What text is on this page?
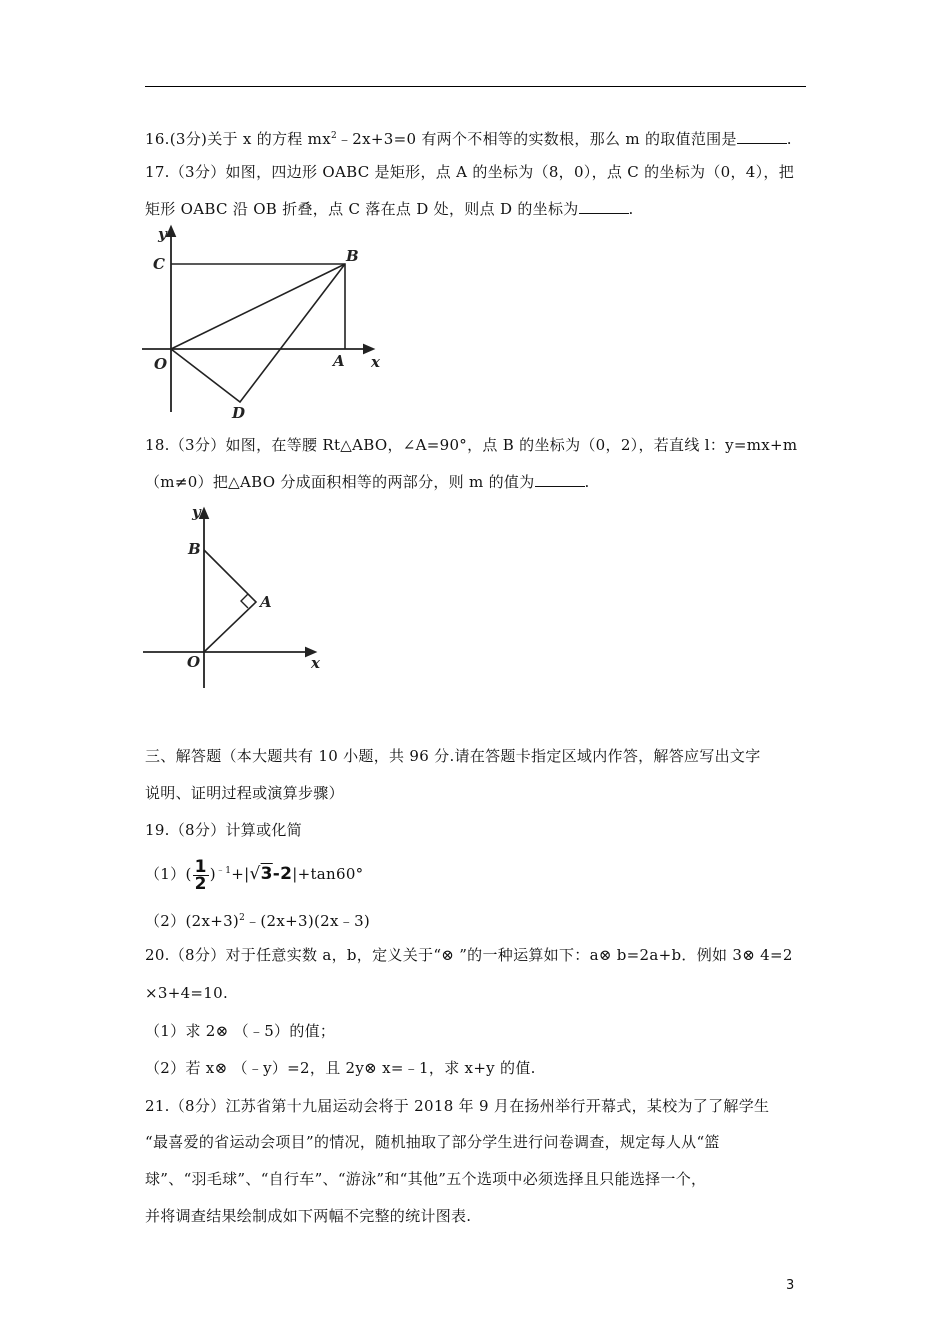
16.(3分)关于 x 的方程 $mx^2﹣2x+3=0$ 有两个不相等的实数根，那么 m 的取值范围是	.
17.（3分）如图，四边形 OABC 是矩形，点 A 的坐标为（8，0），点 C 的坐标为（0，4），把
矩形 OABC 沿 OB 折叠，点 C 落在点 D 处，则点 D 的坐标为	.
y
C	B
O	A x
D
18.（3分）如图，在等腰 Rt△ABO，∠A=90°，点 B 的坐标为（0，2），若直线 l：y=mx+m
（m≠0）把△ABO 分成面积相等的两部分，则 m 的值为	.
y
B
A
O	x
三、解答题（本大题共有 10 小题，共 96 分.请在答题卡指定区域内作答，解答应写出文字
说明、证明过程或演算步骤）
19.（8分）计算或化简
$(1)( \frac{1}{2} )^{﹣1}+|√3-2|+\tan 60^\circ$
$(2)(2x+3)^2﹣(2x+3)(2x﹣3)$
20.（8分）对于任意实数 a，b，定义关于“⊗ ”的一种运算如下：a⊗ b=2a+b．例如 3⊗ 4=2
×3+4=10.
（1）求 2⊗ （﹣5）的值；
（2）若 x⊗ （﹣y）=2，且 2y⊗ x=﹣1，求 x+y 的值.
21.（8分）江苏省第十九届运动会将于 2018 年 9 月在扬州举行开幕式，某校为了了解学生
“最喜爱的省运动会项目”的情况，随机抽取了部分学生进行问卷调查，规定每人从“篮
球”、“羽毛球”、“自行车”、“游泳”和“其他”五个选项中必须选择且只能选择一个，
并将调查结果绘制成如下两幅不完整的统计图表.
3
